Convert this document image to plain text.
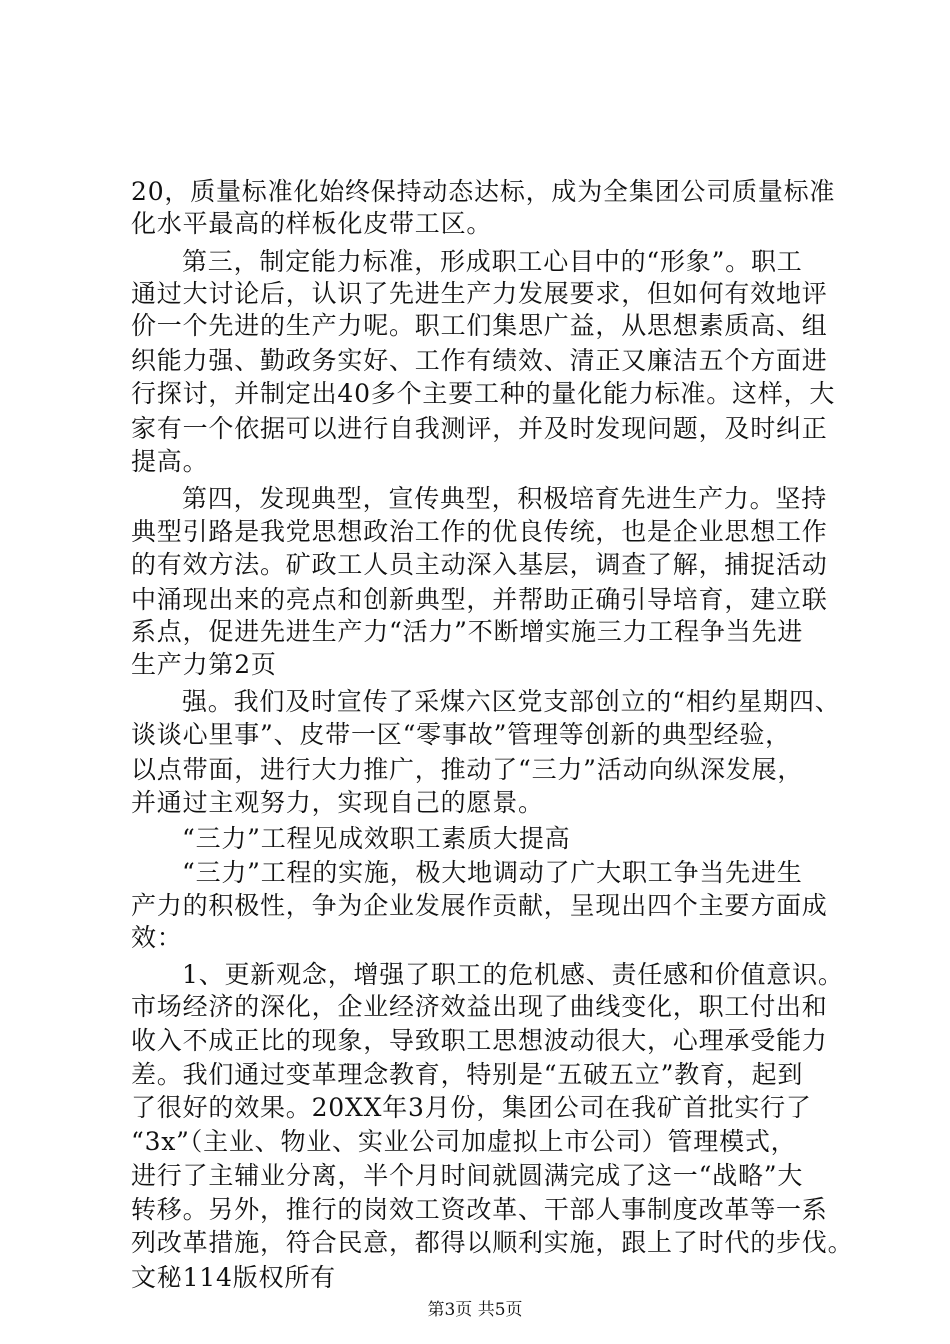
20，质量标准化始终保持动态达标，成为全集团公司质量标准
化水平最高的样板化皮带工区。
第三，制定能力标准，形成职工心目中的“形象”。职工
通过大讨论后，认识了先进生产力发展要求，但如何有效地评
价一个先进的生产力呢。职工们集思广益，从思想素质高、组
织能力强、勤政务实好、工作有绩效、清正又廉洁五个方面进
行探讨，并制定出40多个主要工种的量化能力标准。这样，大
家有一个依据可以进行自我测评，并及时发现问题，及时纠正
提高。
第四，发现典型，宣传典型，积极培育先进生产力。坚持
典型引路是我党思想政治工作的优良传统，也是企业思想工作
的有效方法。矿政工人员主动深入基层，调查了解，捕捉活动
中涌现出来的亮点和创新典型，并帮助正确引导培育，建立联
系点，促进先进生产力“活力”不断增实施三力工程争当先进
生产力第2页
强。我们及时宣传了采煤六区党支部创立的“相约星期四、
谈谈心里事”、皮带一区“零事故”管理等创新的典型经验，
以点带面，进行大力推广，推动了“三力”活动向纵深发展，
并通过主观努力，实现自己的愿景。
“三力”工程见成效职工素质大提高
“三力”工程的实施，极大地调动了广大职工争当先进生
产力的积极性，争为企业发展作贡献，呈现出四个主要方面成
效：
1、更新观念，增强了职工的危机感、责任感和价值意识。
市场经济的深化，企业经济效益出现了曲线变化，职工付出和
收入不成正比的现象，导致职工思想波动很大，心理承受能力
差。我们通过变革理念教育，特别是“五破五立”教育，起到
了很好的效果。20XX年3月份，集团公司在我矿首批实行了
“3x”（主业、物业、实业公司加虚拟上市公司）管理模式，
进行了主辅业分离，半个月时间就圆满完成了这一“战略”大
转移。另外，推行的岗效工资改革、干部人事制度改革等一系
列改革措施，符合民意，都得以顺利实施，跟上了时代的步伐。
文秘114版权所有
第3页 共5页
